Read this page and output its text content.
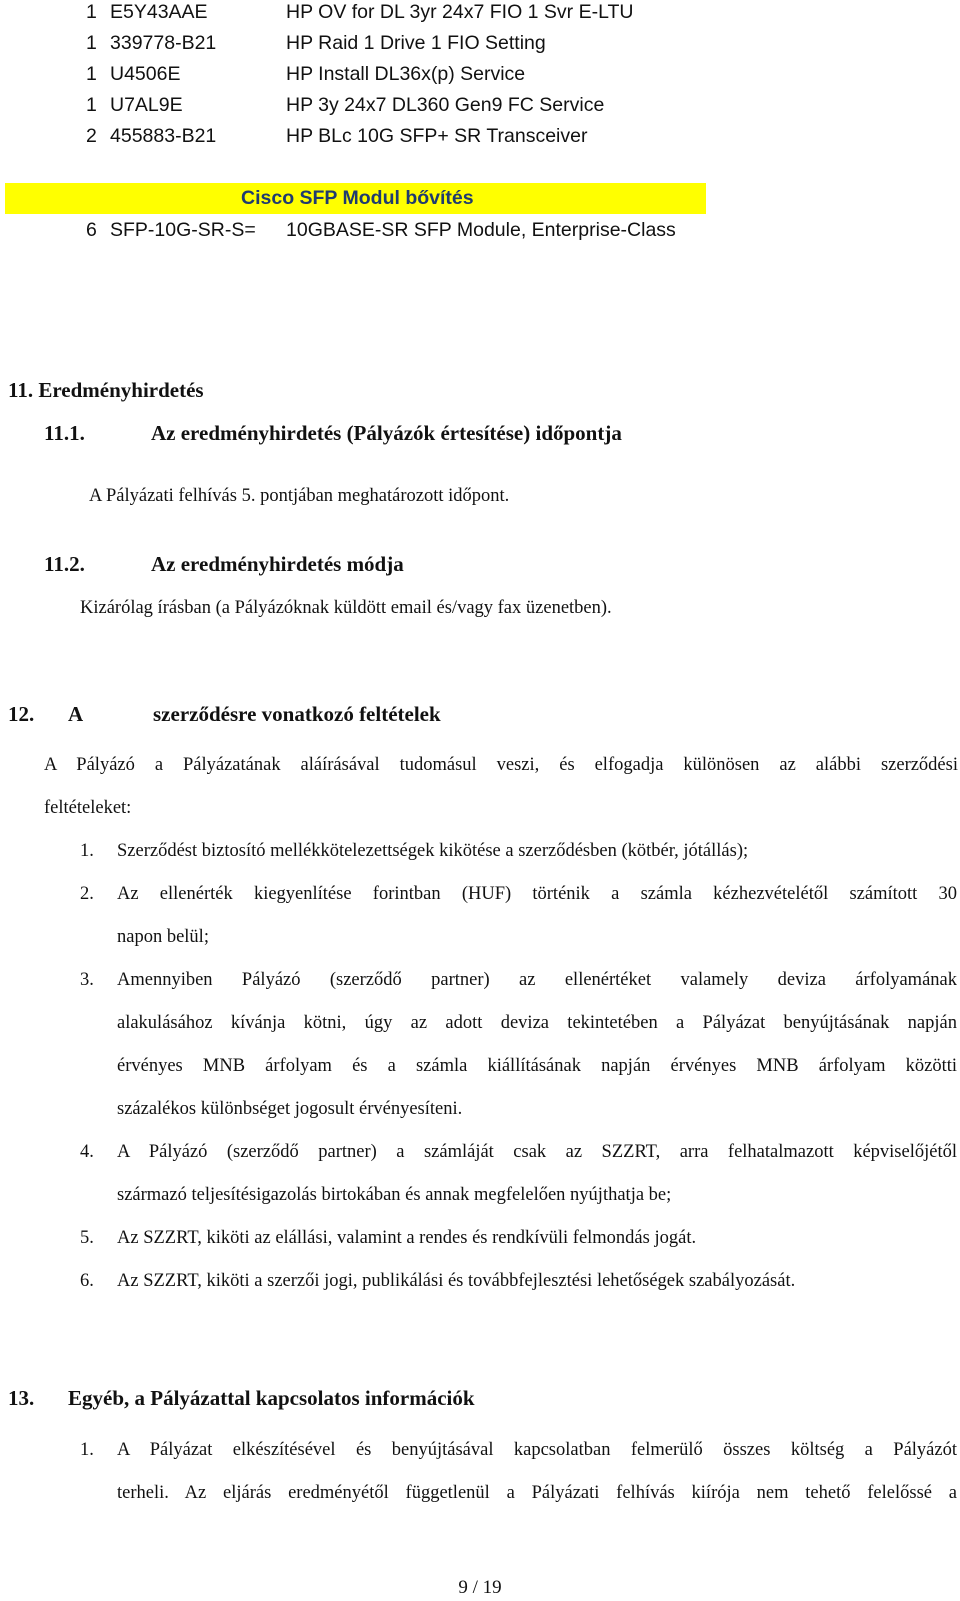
1 E5Y43AAE	HP OV for DL 3yr 24x7 FIO 1 Svr E-LTU
1 339778-B21	HP Raid 1 Drive 1 FIO Setting
1 U4506E	HP Install DL36x(p) Service
1 U7AL9E	HP 3y 24x7 DL360 Gen9 FC Service
2 455883-B21	HP BLc 10G SFP+ SR Transceiver
Cisco SFP Modul bővítés
6 SFP-10G-SR-S= 10GBASE-SR SFP Module, Enterprise-Class
11. Eredményhirdetés
11.1.	Az eredményhirdetés (Pályázók értesítése) időpontja
A Pályázati felhívás 5. pontjában meghatározott időpont.
11.2.	Az eredményhirdetés módja
Kizárólag írásban (a Pályázóknak küldött email és/vagy fax üzenetben).
12. A	szerződésre vonatkozó feltételek
A Pályázó a Pályázatának aláírásával tudomásul veszi, és elfogadja különösen az alábbi szerződési
feltételeket:
1. Szerződést biztosító mellékkötelezettségek kikötése a szerződésben (kötbér, jótállás);
2. Az ellenérték kiegyenlítése forintban (HUF) történik a számla kézhezvételétől számított 30
napon belül;
3. Amennyiben Pályázó (szerződő partner) az ellenértéket valamely deviza árfolyamának
alakulásához kívánja kötni, úgy az adott deviza tekintetében a Pályázat benyújtásának napján
érvényes MNB árfolyam és a számla kiállításának napján érvényes MNB árfolyam közötti
százalékos különbséget jogosult érvényesíteni.
4. A Pályázó (szerződő partner) a számláját csak az SZZRT, arra felhatalmazott képviselőjétől
származó teljesítésigazolás birtokában és annak megfelelően nyújthatja be;
5. Az SZZRT, kiköti az elállási, valamint a rendes és rendkívüli felmondás jogát.
6. Az SZZRT, kiköti a szerzői jogi, publikálási és továbbfejlesztési lehetőségek szabályozását.
13. Egyéb, a Pályázattal kapcsolatos információk
1. A Pályázat elkészítésével és benyújtásával kapcsolatban felmerülő összes költség a Pályázót
terheli. Az eljárás eredményétől függetlenül a Pályázati felhívás kiírója nem tehető felelőssé a
9 / 19
